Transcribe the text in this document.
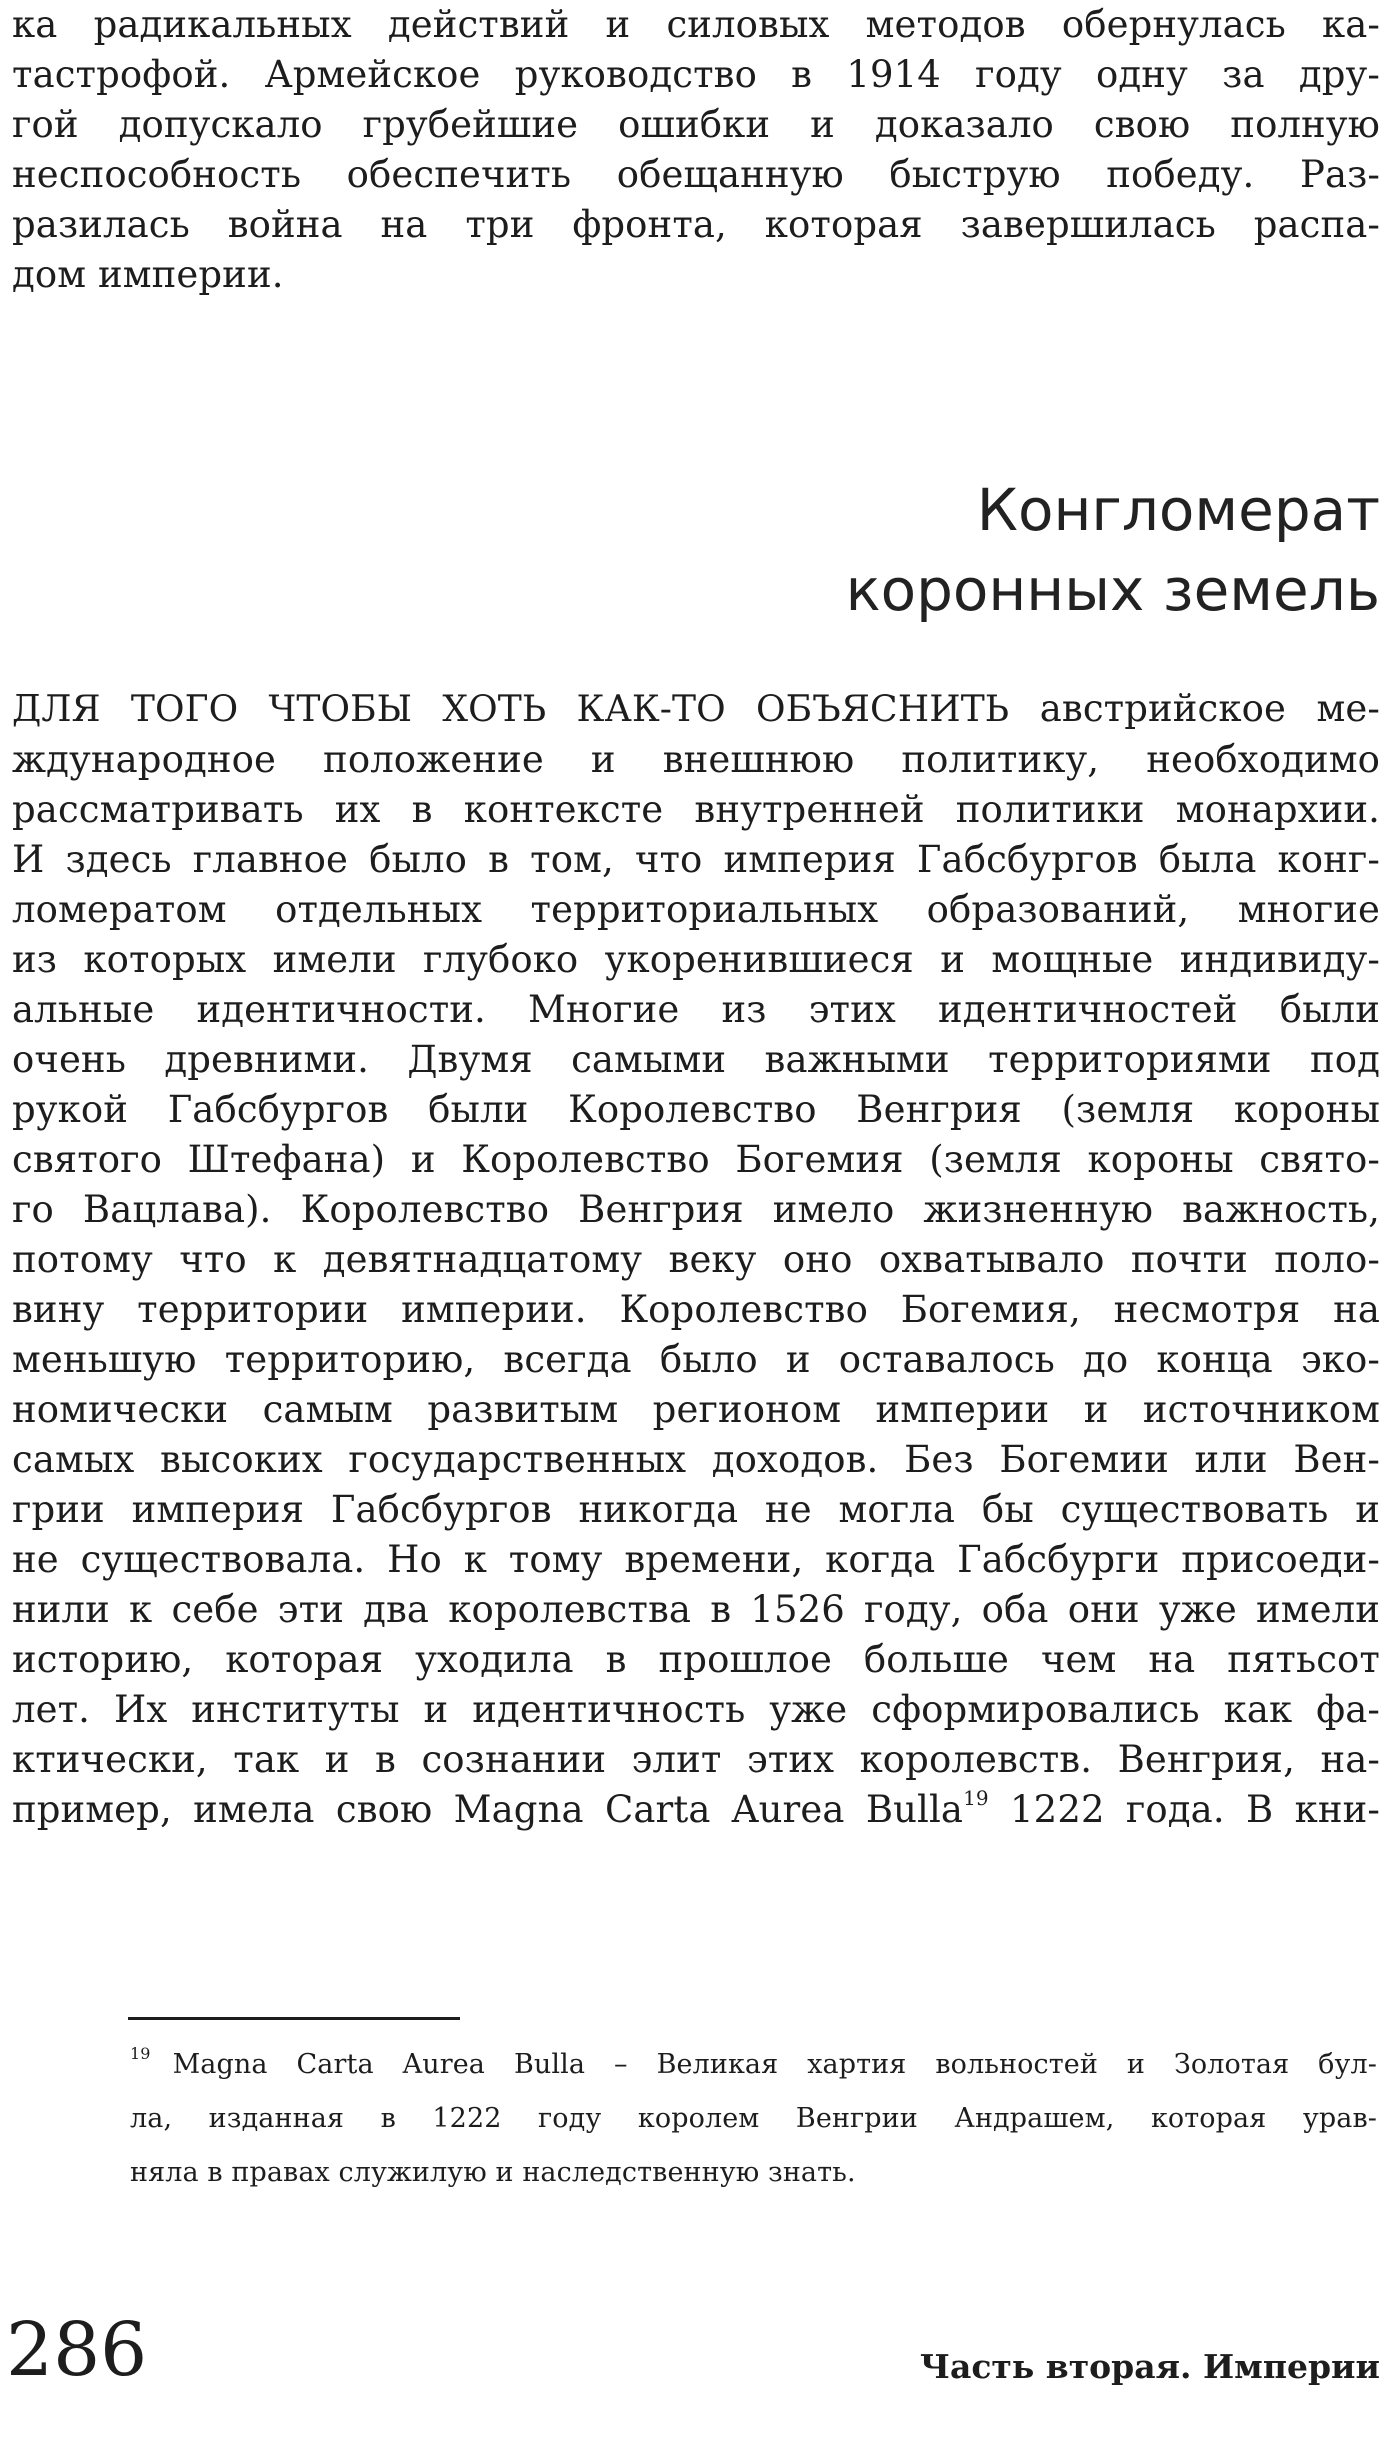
ка радикальных действий и силовых методов обернулась ка-
тастрофой. Армейское руководство в 1914 году одну за дру-
гой допускало грубейшие ошибки и доказало свою полную
неспособность обеспечить обещанную быструю победу. Раз-
разилась война на три фронта, которая завершилась распа-
дом империи.
Конгломерат
коронных земель
ДЛЯ ТОГО ЧТОБЫ ХОТЬ КАК-ТО ОБЪЯСНИТЬ австрийское ме-
ждународное положение и внешнюю политику, необходимо
рассматривать их в контексте внутренней политики монархии.
И здесь главное было в том, что империя Габсбургов была конг-
ломератом отдельных территориальных образований, многие
из которых имели глубоко укоренившиеся и мощные индивиду-
альные идентичности. Многие из этих идентичностей были
очень древними. Двумя самыми важными территориями под
рукой Габсбургов были Королевство Венгрия (земля короны
святого Штефана) и Королевство Богемия (земля короны свято-
го Вацлава). Королевство Венгрия имело жизненную важность,
потому что к девятнадцатому веку оно охватывало почти поло-
вину территории империи. Королевство Богемия, несмотря на
меньшую территорию, всегда было и оставалось до конца эко-
номически самым развитым регионом империи и источником
самых высоких государственных доходов. Без Богемии или Вен-
грии империя Габсбургов никогда не могла бы существовать и
не существовала. Но к тому времени, когда Габсбурги присоеди-
нили к себе эти два королевства в 1526 году, оба они уже имели
историю, которая уходила в прошлое больше чем на пятьсот
лет. Их институты и идентичность уже сформировались как фа-
ктически, так и в сознании элит этих королевств. Венгрия, на-
пример, имела свою Magna Carta Aurea Bulla$^{19}$ 1222 года. В кни-
$^{19}$ Magna Carta Aurea Bulla – Великая хартия вольностей и Золотая бул-
ла, изданная в 1222 году королем Венгрии Андрашем, которая урав-
няла в правах служилую и наследственную знать.
286	Часть вторая. Империи
